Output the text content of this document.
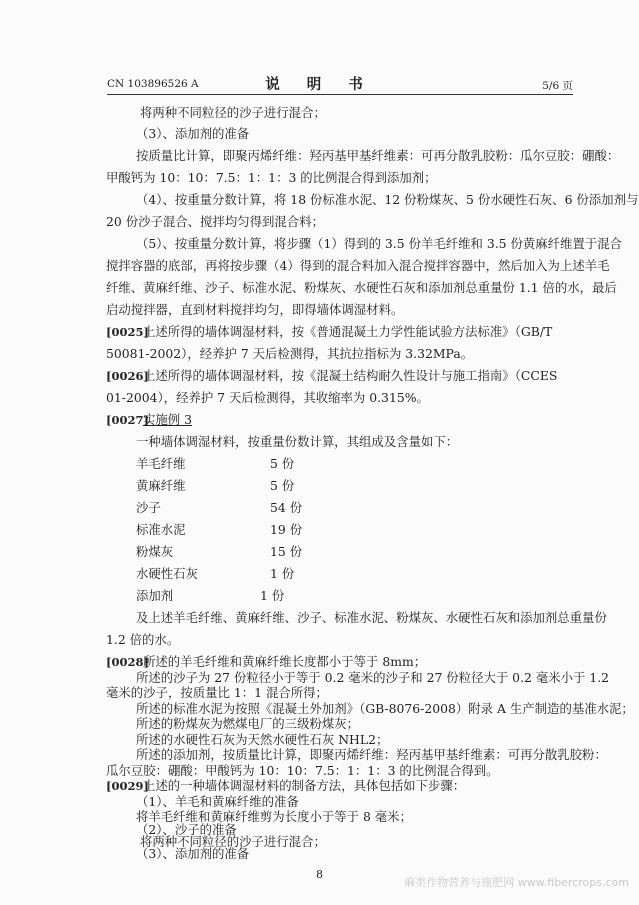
CN 103896526 A	说 明 书	5/6 页
将两种不同粒径的沙子进行混合；
（3）、添加剂的准备
按质量比计算，即聚丙烯纤维：羟丙基甲基纤维素：可再分散乳胶粉：瓜尔豆胶：硼酸：
甲酸钙为 10：10：7.5：1：1：3 的比例混合得到添加剂；
（4）、按重量分数计算，将 18 份标准水泥、12 份粉煤灰、5 份水硬性石灰、6 份添加剂与
20 份沙子混合、搅拌均匀得到混合料；
（5）、按重量分数计算，将步骤（1）得到的 3.5 份羊毛纤维和 3.5 份黄麻纤维置于混合
搅拌容器的底部，再将按步骤（4）得到的混合料加入混合搅拌容器中，然后加入为上述羊毛
纤维、黄麻纤维、沙子、标准水泥、粉煤灰、水硬性石灰和添加剂总重量份 1.1 倍的水，最后
启动搅拌器，直到材料搅拌均匀，即得墙体调湿材料。
[0025] 上述所得的墙体调湿材料，按《普通混凝土力学性能试验方法标准》（GB/T
50081-2002），经养护 7 天后检测得，其抗拉指标为 3.32MPa。
[0026] 上述所得的墙体调湿材料，按《混凝土结构耐久性设计与施工指南》（CCES
01-2004），经养护 7 天后检测得，其收缩率为 0.315%。
[0027] 实施例 3
一种墙体调湿材料，按重量份数计算，其组成及含量如下：
羊毛纤维	5 份
黄麻纤维	5 份
沙子	54 份
标准水泥	19 份
粉煤灰	15 份
水硬性石灰	1 份
添加剂	1 份
及上述羊毛纤维、黄麻纤维、沙子、标准水泥、粉煤灰、水硬性石灰和添加剂总重量份
1.2 倍的水。
[0028] 所述的羊毛纤维和黄麻纤维长度都小于等于 8mm；
所述的沙子为 27 份粒径小于等于 0.2 毫米的沙子和 27 份粒径大于 0.2 毫米小于 1.2
毫米的沙子，按质量比 1：1 混合所得；
所述的标准水泥为按照《混凝土外加剂》（GB-8076-2008）附录 A 生产制造的基准水泥；
所述的粉煤灰为燃煤电厂的三级粉煤灰；
所述的水硬性石灰为天然水硬性石灰 NHL2；
所述的添加剂，按质量比计算，即聚丙烯纤维：羟丙基甲基纤维素：可再分散乳胶粉：
瓜尔豆胶：硼酸：甲酸钙为 10：10：7.5：1：1：3 的比例混合得到。
[0029] 上述的一种墙体调湿材料的制备方法，具体包括如下步骤：
（1）、羊毛和黄麻纤维的准备
8
麻类作物营养与施肥网 www.fibercrops.com
将羊毛纤维和黄麻纤维剪为长度小于等于 8 毫米；
（2）、沙子的准备
将两种不同粒径的沙子进行混合；
（3）、添加剂的准备
